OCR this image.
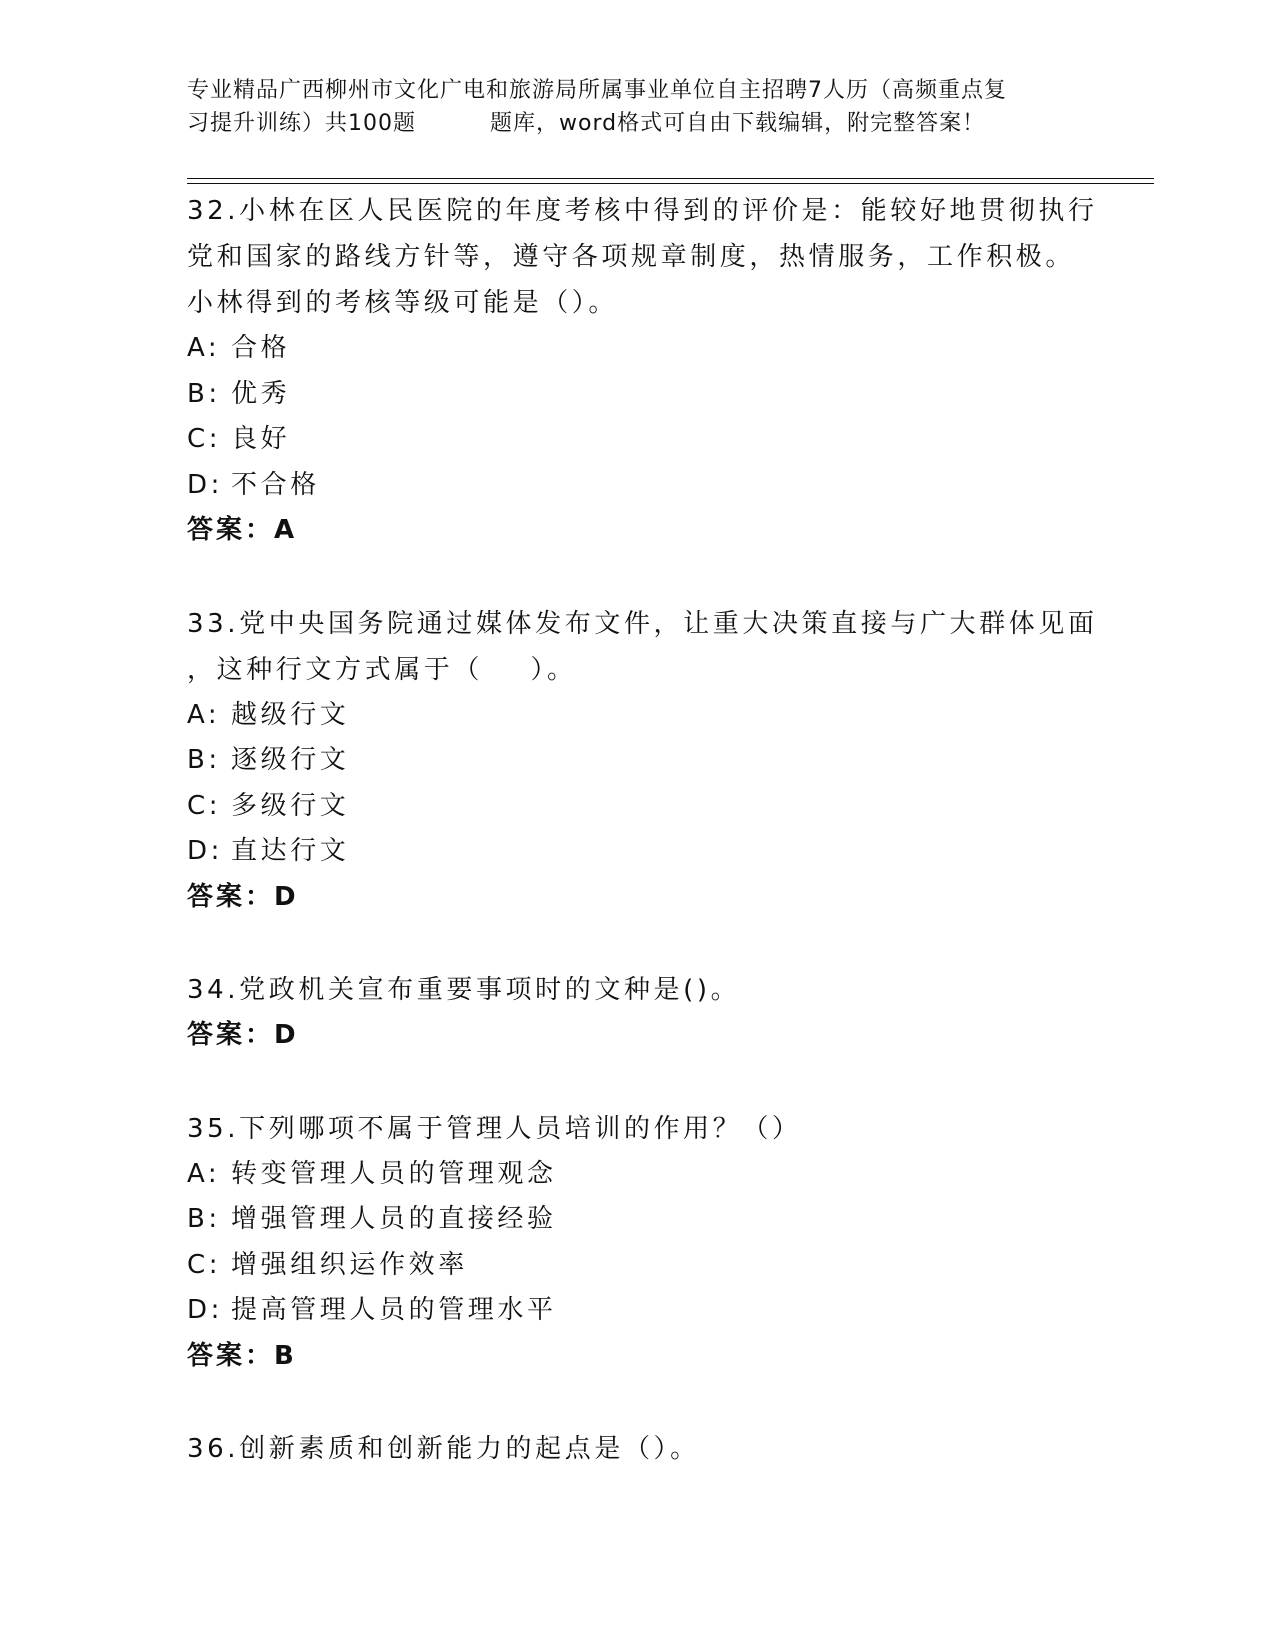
专业精品广西柳州市文化广电和旅游局所属事业单位自主招聘7人历（高频重点复
习提升训练）共100题	题库，word格式可自由下载编辑，附完整答案！
32.小林在区人民医院的年度考核中得到的评价是：能较好地贯彻执行
党和国家的路线方针等，遵守各项规章制度，热情服务，工作积极。
小林得到的考核等级可能是（）。
A: 合格
B: 优秀
C: 良好
D: 不合格
答案：A
33.党中央国务院通过媒体发布文件，让重大决策直接与广大群体见面
，这种行文方式属于（    ）。
A: 越级行文
B: 逐级行文
C: 多级行文
D: 直达行文
答案：D
34.党政机关宣布重要事项时的文种是()。
答案：D
35.下列哪项不属于管理人员培训的作用？（）
A: 转变管理人员的管理观念
B: 增强管理人员的直接经验
C: 增强组织运作效率
D: 提高管理人员的管理水平
答案：B
36.创新素质和创新能力的起点是（）。
